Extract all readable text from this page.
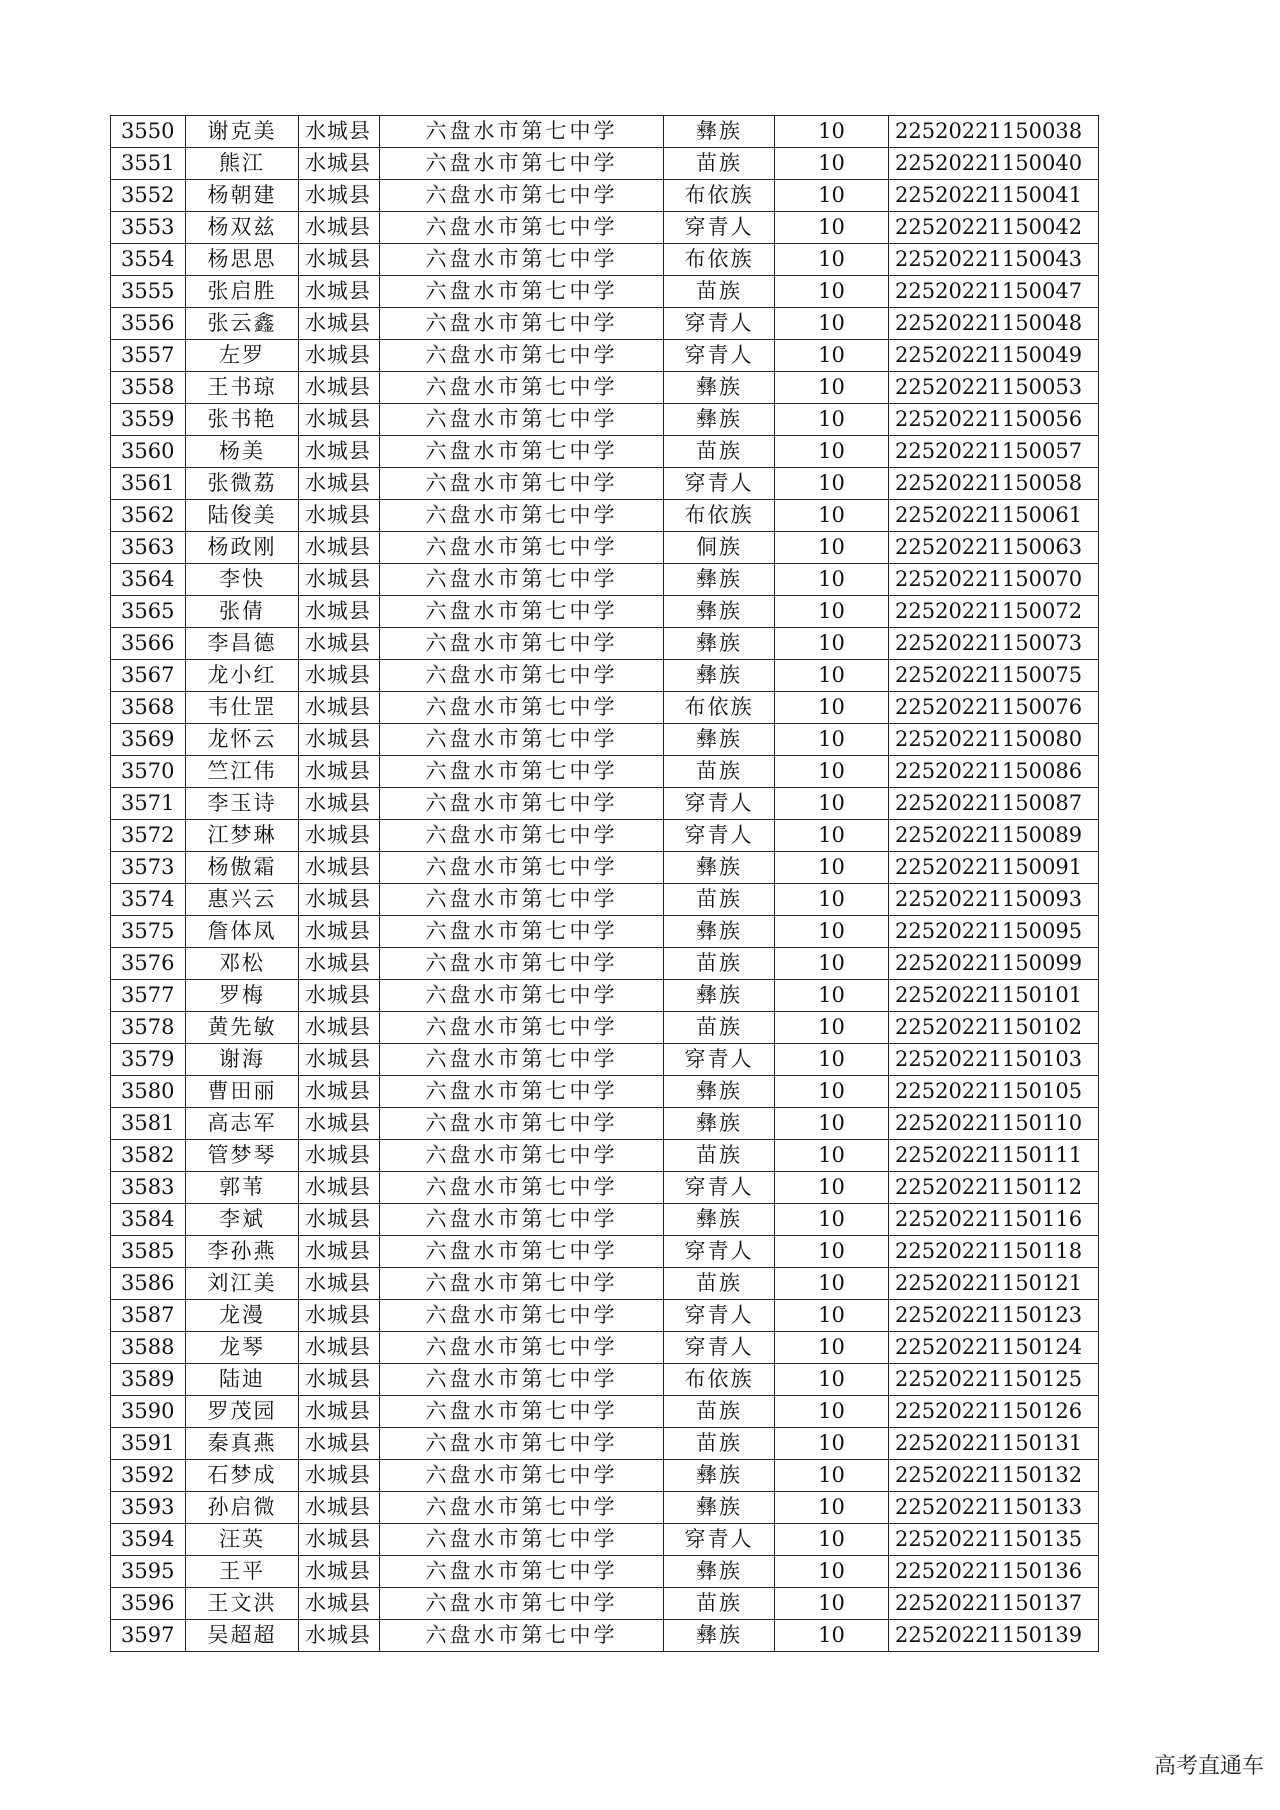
3550	谢克美	水城县	六盘水市第七中学	彝族	10	22520221150038
3551	熊江	水城县	六盘水市第七中学	苗族	10	22520221150040
3552	杨朝建	水城县	六盘水市第七中学	布依族	10	22520221150041
3553	杨双兹	水城县	六盘水市第七中学	穿青人	10	22520221150042
3554	杨思思	水城县	六盘水市第七中学	布依族	10	22520221150043
3555	张启胜	水城县	六盘水市第七中学	苗族	10	22520221150047
3556	张云鑫	水城县	六盘水市第七中学	穿青人	10	22520221150048
3557	左罗	水城县	六盘水市第七中学	穿青人	10	22520221150049
3558	王书琼	水城县	六盘水市第七中学	彝族	10	22520221150053
3559	张书艳	水城县	六盘水市第七中学	彝族	10	22520221150056
3560	杨美	水城县	六盘水市第七中学	苗族	10	22520221150057
3561	张微荔	水城县	六盘水市第七中学	穿青人	10	22520221150058
3562	陆俊美	水城县	六盘水市第七中学	布依族	10	22520221150061
3563	杨政刚	水城县	六盘水市第七中学	侗族	10	22520221150063
3564	李快	水城县	六盘水市第七中学	彝族	10	22520221150070
3565	张倩	水城县	六盘水市第七中学	彝族	10	22520221150072
3566	李昌德	水城县	六盘水市第七中学	彝族	10	22520221150073
3567	龙小红	水城县	六盘水市第七中学	彝族	10	22520221150075
3568	韦仕罡	水城县	六盘水市第七中学	布依族	10	22520221150076
3569	龙怀云	水城县	六盘水市第七中学	彝族	10	22520221150080
3570	竺江伟	水城县	六盘水市第七中学	苗族	10	22520221150086
3571	李玉诗	水城县	六盘水市第七中学	穿青人	10	22520221150087
3572	江梦琳	水城县	六盘水市第七中学	穿青人	10	22520221150089
3573	杨傲霜	水城县	六盘水市第七中学	彝族	10	22520221150091
3574	惠兴云	水城县	六盘水市第七中学	苗族	10	22520221150093
3575	詹体凤	水城县	六盘水市第七中学	彝族	10	22520221150095
3576	邓松	水城县	六盘水市第七中学	苗族	10	22520221150099
3577	罗梅	水城县	六盘水市第七中学	彝族	10	22520221150101
3578	黄先敏	水城县	六盘水市第七中学	苗族	10	22520221150102
3579	谢海	水城县	六盘水市第七中学	穿青人	10	22520221150103
3580	曹田丽	水城县	六盘水市第七中学	彝族	10	22520221150105
3581	高志军	水城县	六盘水市第七中学	彝族	10	22520221150110
3582	管梦琴	水城县	六盘水市第七中学	苗族	10	22520221150111
3583	郭苇	水城县	六盘水市第七中学	穿青人	10	22520221150112
3584	李斌	水城县	六盘水市第七中学	彝族	10	22520221150116
3585	李孙燕	水城县	六盘水市第七中学	穿青人	10	22520221150118
3586	刘江美	水城县	六盘水市第七中学	苗族	10	22520221150121
3587	龙漫	水城县	六盘水市第七中学	穿青人	10	22520221150123
3588	龙琴	水城县	六盘水市第七中学	穿青人	10	22520221150124
3589	陆迪	水城县	六盘水市第七中学	布依族	10	22520221150125
3590	罗茂园	水城县	六盘水市第七中学	苗族	10	22520221150126
3591	秦真燕	水城县	六盘水市第七中学	苗族	10	22520221150131
3592	石梦成	水城县	六盘水市第七中学	彝族	10	22520221150132
3593	孙启微	水城县	六盘水市第七中学	彝族	10	22520221150133
3594	汪英	水城县	六盘水市第七中学	穿青人	10	22520221150135
3595	王平	水城县	六盘水市第七中学	彝族	10	22520221150136
3596	王文洪	水城县	六盘水市第七中学	苗族	10	22520221150137
3597	吴超超	水城县	六盘水市第七中学	彝族	10	22520221150139
高考直通车
